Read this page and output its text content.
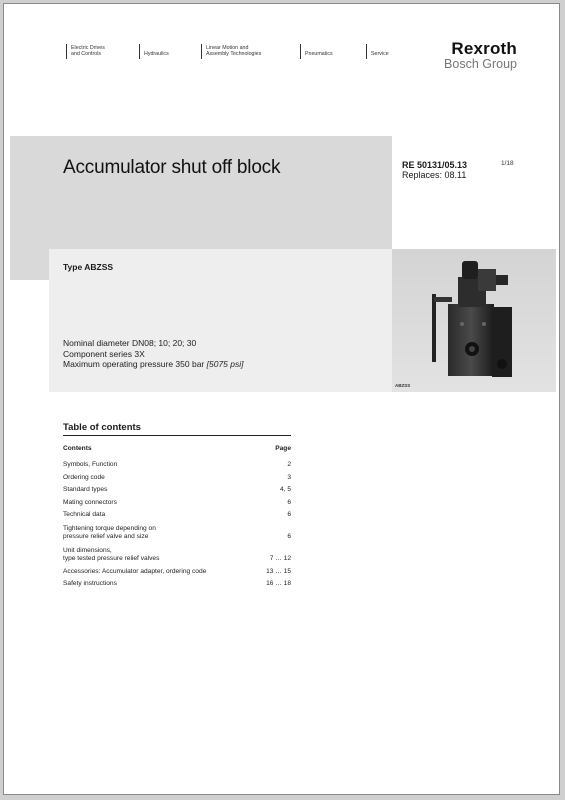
Electric Drives
and Controls	Hydraulics
Linear Motion and
Assembly Technologies	Pneumatics	Service	Rexroth
Bosch Group
Accumulator shut off block	RE 50131/05.13
Replaces: 08.11
1/18
Type ABZSS
Nominal diameter DN08; 10; 20; 30
Component series 3X
Maximum operating pressure 350 bar [5075 psi]
ABZSS
Table of contents
Contents	Page
Symbols, Function	2
Ordering code	3
Standard types	4, 5
Mating connectors	6
Technical data	6
Tightening torque depending on
pressure relief valve and size	6
Unit dimensions,
type tested pressure relief valves	7 … 12
Accessories: Accumulator adapter, ordering code	13 … 15
Safety instructions	16 … 18
